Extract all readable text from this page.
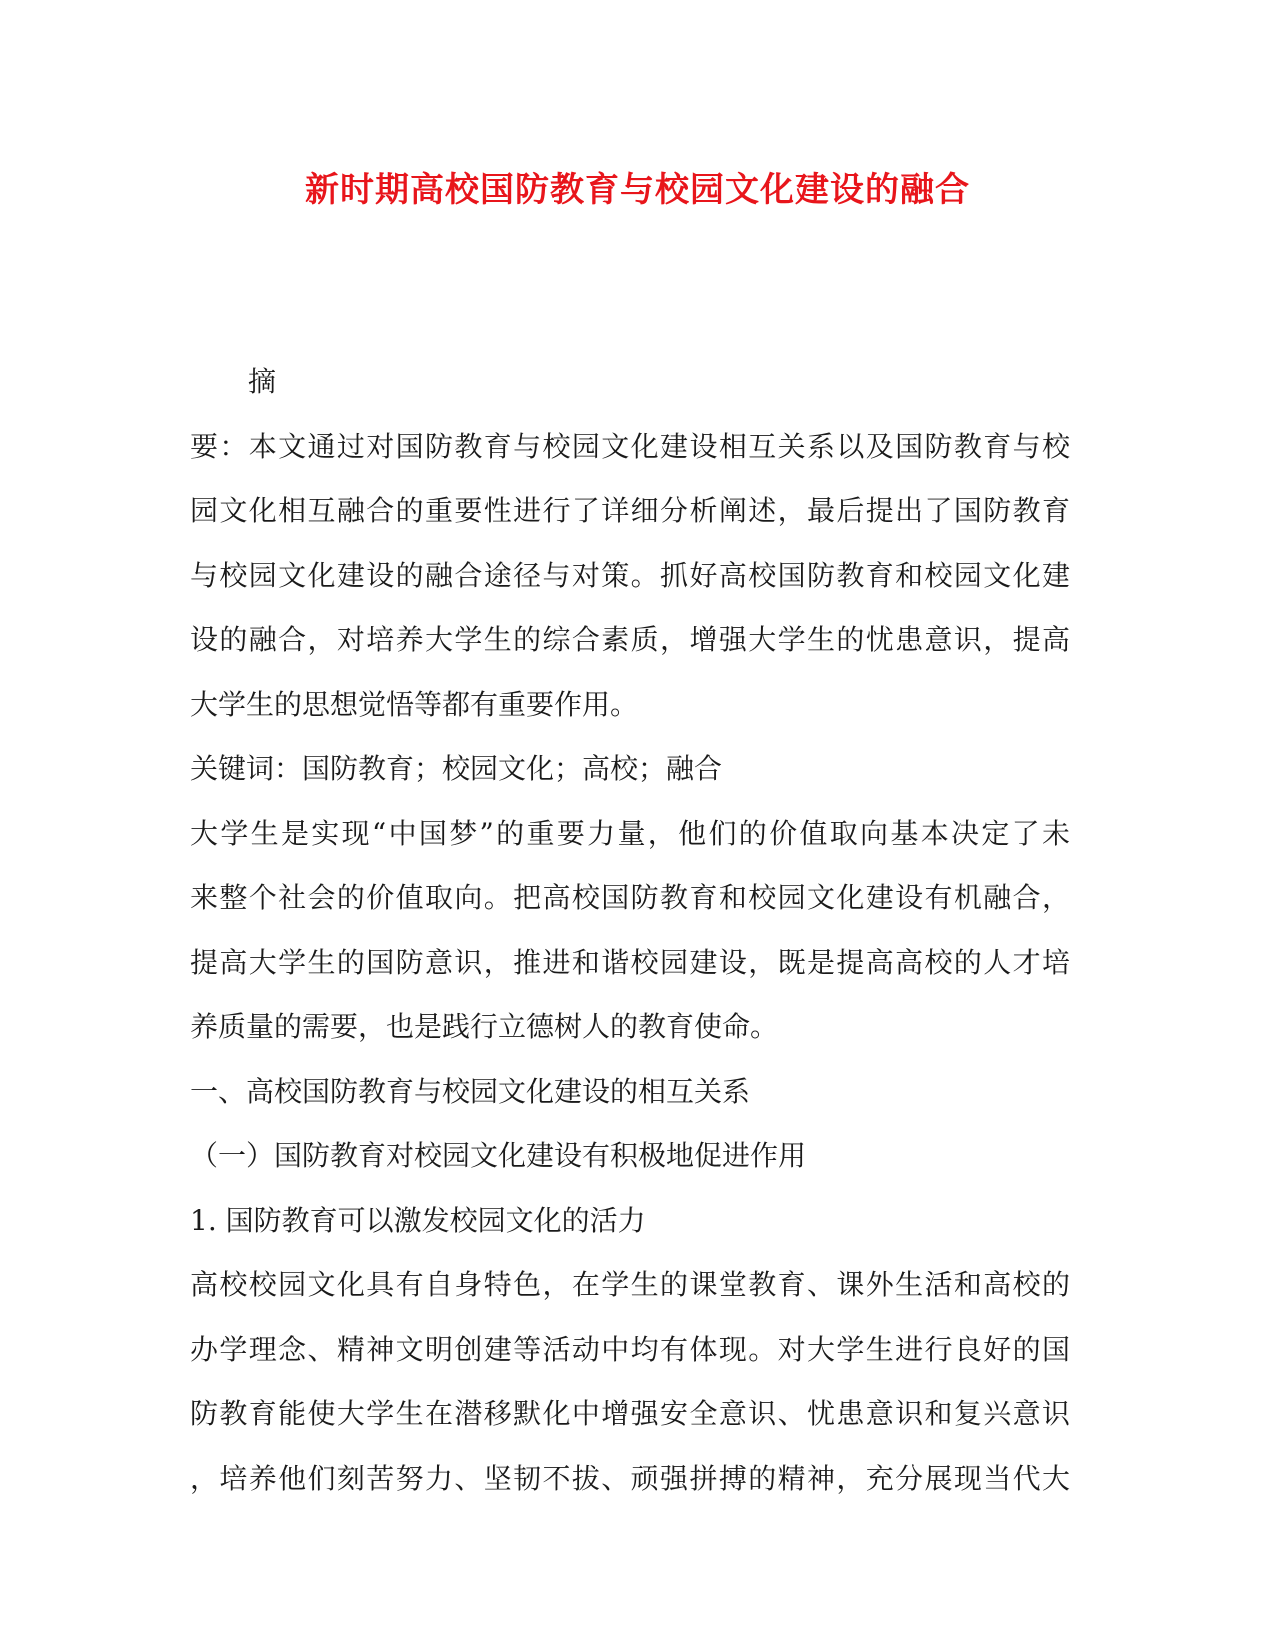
新时期高校国防教育与校园文化建设的融合
摘
要：本文通过对国防教育与校园文化建设相互关系以及国防教育与校
园文化相互融合的重要性进行了详细分析阐述，最后提出了国防教育
与校园文化建设的融合途径与对策。抓好高校国防教育和校园文化建
设的融合，对培养大学生的综合素质，增强大学生的忧患意识，提高
大学生的思想觉悟等都有重要作用。
关键词：国防教育；校园文化；高校；融合
大学生是实现“中国梦”的重要力量，他们的价值取向基本决定了未
来整个社会的价值取向。把高校国防教育和校园文化建设有机融合，
提高大学生的国防意识，推进和谐校园建设，既是提高高校的人才培
养质量的需要，也是践行立德树人的教育使命。
一、高校国防教育与校园文化建设的相互关系
（一）国防教育对校园文化建设有积极地促进作用
1. 国防教育可以激发校园文化的活力
高校校园文化具有自身特色，在学生的课堂教育、课外生活和高校的
办学理念、精神文明创建等活动中均有体现。对大学生进行良好的国
防教育能使大学生在潜移默化中增强安全意识、忧患意识和复兴意识
，培养他们刻苦努力、坚韧不拔、顽强拼搏的精神，充分展现当代大
